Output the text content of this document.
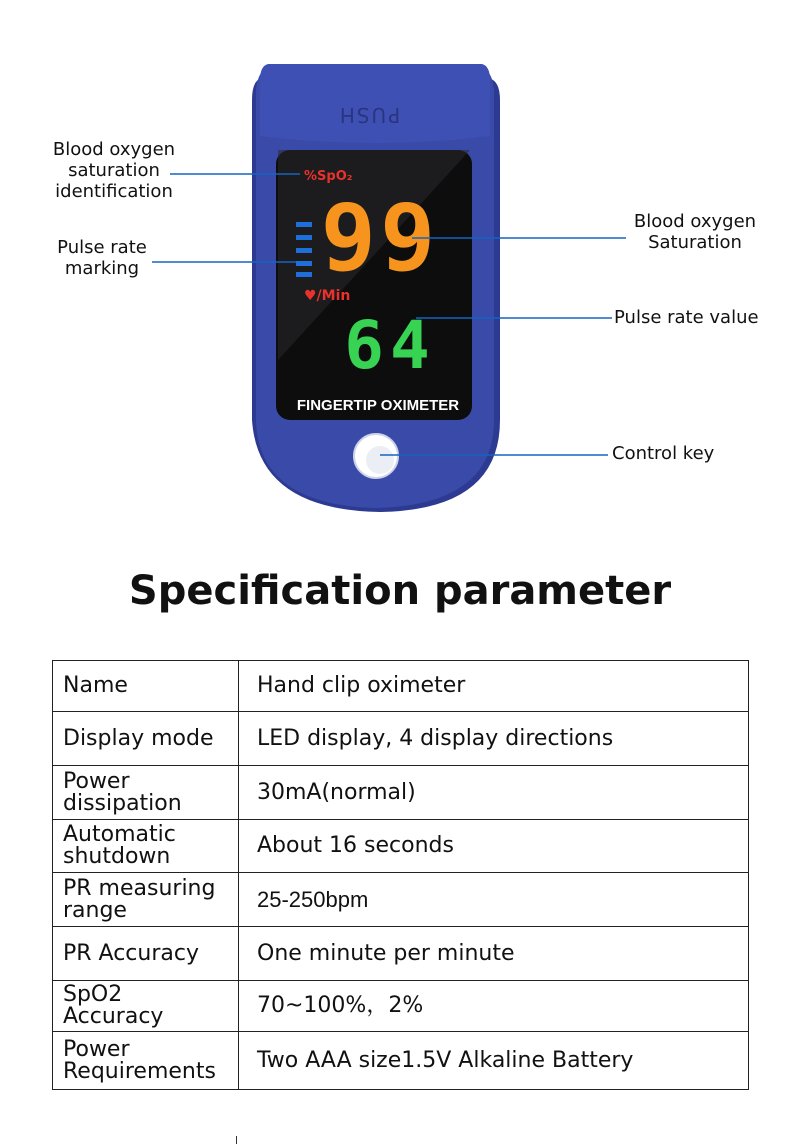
PUSH
%SpO₂
99
♥/Min
64
FINGERTIP OXIMETER
Blood oxygen
saturation
identification
Pulse rate
marking
Blood oxygen
Saturation
Pulse rate value
Control key
Specification parameter
Name	Hand clip oximeter
Display mode	LED display, 4 display directions
Power dissipation	30mA(normal)
Automatic shutdown	About 16 seconds
PR measuring range	25-250bpm
PR Accuracy	One minute per minute
SpO2 Accuracy	70~100%，2%
Power Requirements	Two AAA size1.5V Alkaline Battery
